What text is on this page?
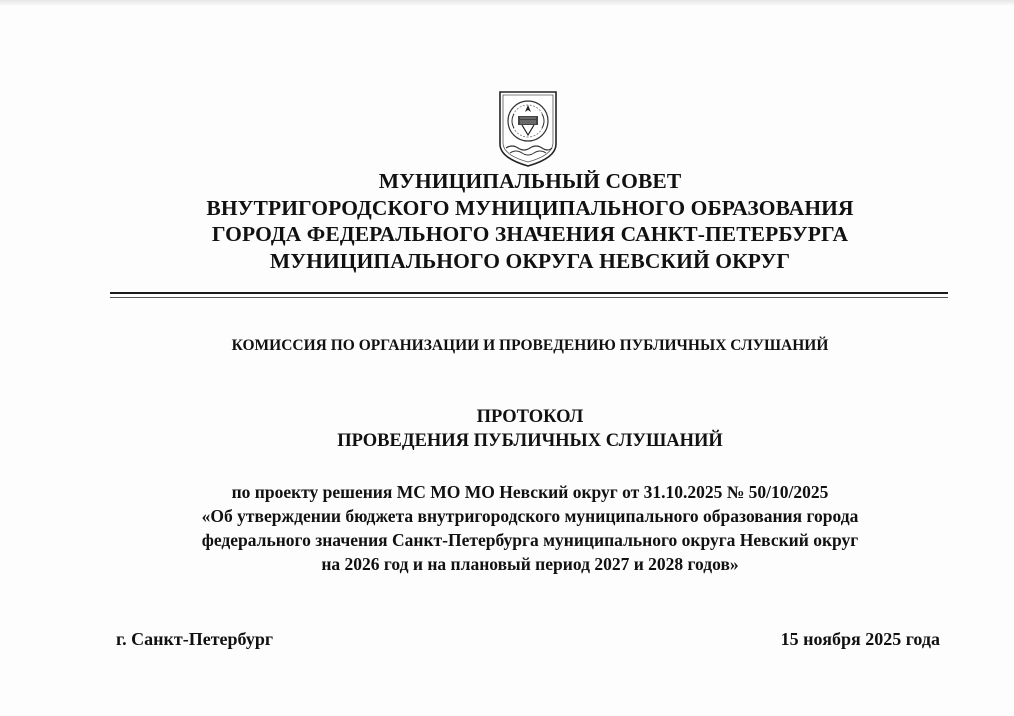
МУНИЦИПАЛЬНЫЙ СОВЕТ
ВНУТРИГОРОДСКОГО МУНИЦИПАЛЬНОГО ОБРАЗОВАНИЯ
ГОРОДА ФЕДЕРАЛЬНОГО ЗНАЧЕНИЯ САНКТ-ПЕТЕРБУРГА
МУНИЦИПАЛЬНОГО ОКРУГА НЕВСКИЙ ОКРУГ
КОМИССИЯ ПО ОРГАНИЗАЦИИ И ПРОВЕДЕНИЮ ПУБЛИЧНЫХ СЛУШАНИЙ
ПРОТОКОЛ
ПРОВЕДЕНИЯ ПУБЛИЧНЫХ СЛУШАНИЙ
по проекту решения МС МО МО Невский округ от 31.10.2025 № 50/10/2025
«Об утверждении бюджета внутригородского муниципального образования города
федерального значения Санкт-Петербурга муниципального округа Невский округ
на 2026 год и на плановый период 2027 и 2028 годов»
г. Санкт-Петербург	15 ноября 2025 года
